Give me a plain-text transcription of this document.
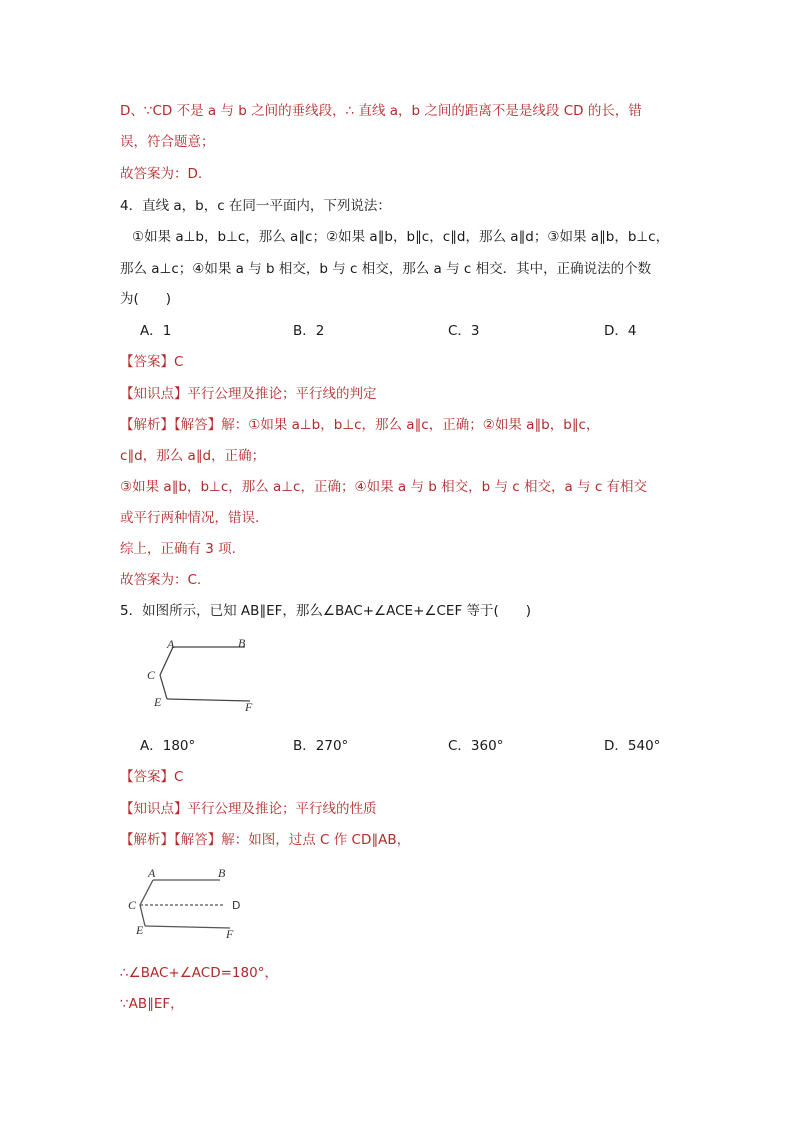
D、∵CD 不是 a 与 b 之间的垂线段，∴ 直线 a，b 之间的距离不是是线段 CD 的长，错
误，符合题意；
故答案为：D.
4．直线 a，b，c 在同一平面内，下列说法：
①如果 a⊥b，b⊥c，那么 a∥c；②如果 a∥b，b∥c，c∥d，那么 a∥d；③如果 a∥b，b⊥c，
那么 a⊥c；④如果 a 与 b 相交，b 与 c 相交，那么 a 与 c 相交．其中，正确说法的个数
为(　　)
A．1	B．2	C．3	D．4
【答案】C
【知识点】平行公理及推论；平行线的判定
【解析】【解答】解：①如果 a⊥b，b⊥c，那么 a∥c，正确；②如果 a∥b，b∥c，
c∥d，那么 a∥d，正确；
③如果 a∥b，b⊥c，那么 a⊥c，正确；④如果 a 与 b 相交，b 与 c 相交，a 与 c 有相交
或平行两种情况，错误.
综上，正确有 3 项.
故答案为：C.
5．如图所示，已知 AB∥EF，那么∠BAC+∠ACE+∠CEF 等于(　　)
A	B
C
E	F
A．180°	B．270°	C．360°	D．540°
【答案】C
【知识点】平行公理及推论；平行线的性质
【解析】【解答】解：如图，过点 C 作 CD∥AB，
A	B
C	D
E	F
∴∠BAC+∠ACD=180°，
∵AB∥EF，
